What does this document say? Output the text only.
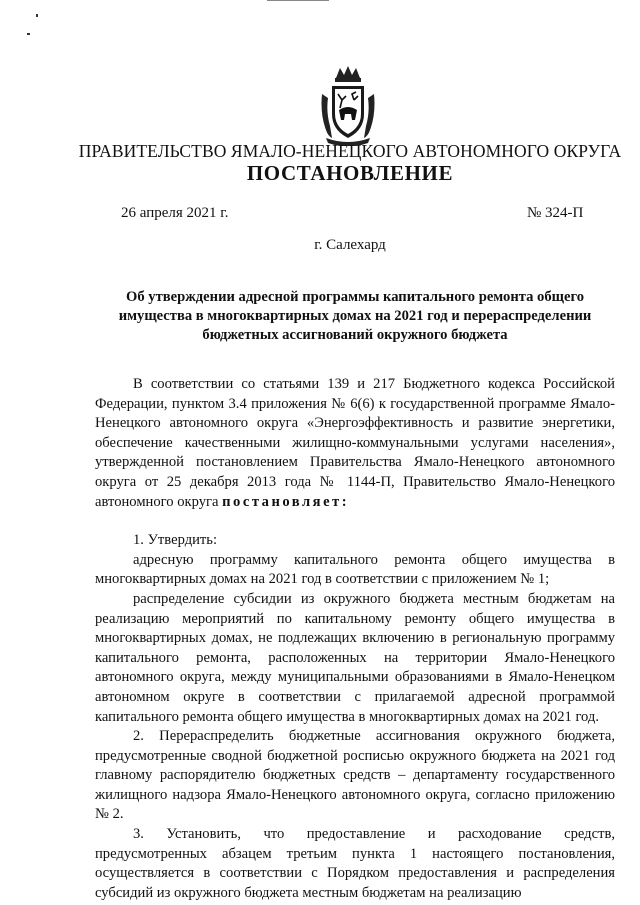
ПРАВИТЕЛЬСТВО ЯМАЛО-НЕНЕЦКОГО АВТОНОМНОГО ОКРУГА
ПОСТАНОВЛЕНИЕ
26 апреля 2021 г.	№ 324-П
г. Салехард
Об утверждении адресной программы капитального ремонта общего имущества в многоквартирных домах на 2021 год и перераспределении бюджетных ассигнований окружного бюджета

В соответствии со статьями 139 и 217 Бюджетного кодекса Российской Федерации, пунктом 3.4 приложения № 6(6) к государственной программе Ямало-Ненецкого автономного округа «Энергоэффективность и развитие энергетики, обеспечение качественными жилищно-коммунальными услугами населения», утвержденной постановлением Правительства Ямало-Ненецкого автономного округа от 25 декабря 2013 года № 1144-П, Правительство Ямало-Ненецкого автономного округа постановляет:

1. Утвердить:

адресную программу капитального ремонта общего имущества в многоквартирных домах на 2021 год в соответствии с приложением № 1;

распределение субсидии из окружного бюджета местным бюджетам на реализацию мероприятий по капитальному ремонту общего имущества в многоквартирных домах, не подлежащих включению в региональную программу капитального ремонта, расположенных на территории Ямало-Ненецкого автономного округа, между муниципальными образованиями в Ямало-Ненецком автономном округе в соответствии с прилагаемой адресной программой капитального ремонта общего имущества в многоквартирных домах на 2021 год.

2. Перераспределить бюджетные ассигнования окружного бюджета, предусмотренные сводной бюджетной росписью окружного бюджета на 2021 год главному распорядителю бюджетных средств – департаменту государственного жилищного надзора Ямало-Ненецкого автономного округа, согласно приложению № 2.

3. Установить, что предоставление и расходование средств, предусмотренных абзацем третьим пункта 1 настоящего постановления, осуществляется в соответствии с Порядком предоставления и распределения субсидий из окружного бюджета местным бюджетам на реализацию
